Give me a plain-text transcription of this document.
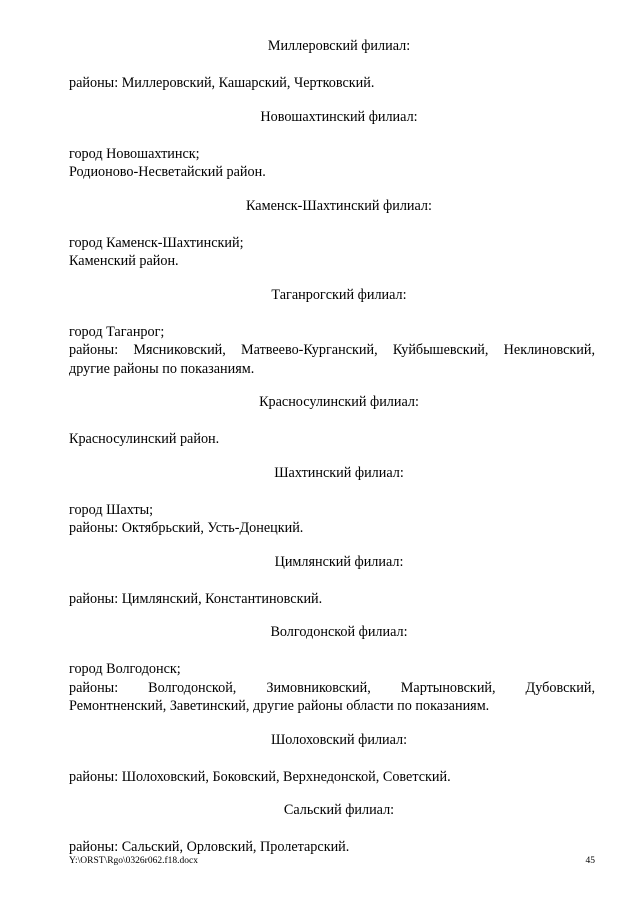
Миллеровский филиал:

районы: Миллеровский, Кашарский, Чертковский.

Новошахтинский филиал:

город Новошахтинск;

Родионово-Несветайский район.

Каменск-Шахтинский филиал:

город Каменск-Шахтинский;

Каменский район.

Таганрогский филиал:

город Таганрог;

районы: Мясниковский, Матвеево-Курганский, Куйбышевский, Неклиновский,

другие районы по показаниям.

Красносулинский филиал:

Красносулинский район.

Шахтинский филиал:

город Шахты;

районы: Октябрьский, Усть-Донецкий.

Цимлянский филиал:

районы: Цимлянский, Константиновский.

Волгодонской филиал:

город Волгодонск;

районы: Волгодонской, Зимовниковский, Мартыновский, Дубовский,

Ремонтненский, Заветинский, другие районы области по показаниям.

Шолоховский филиал:

районы: Шолоховский, Боковский, Верхнедонской, Советский.

Сальский филиал:

районы: Сальский, Орловский, Пролетарский.

Y:\ORST\Rgo\0326r062.f18.docx	45
